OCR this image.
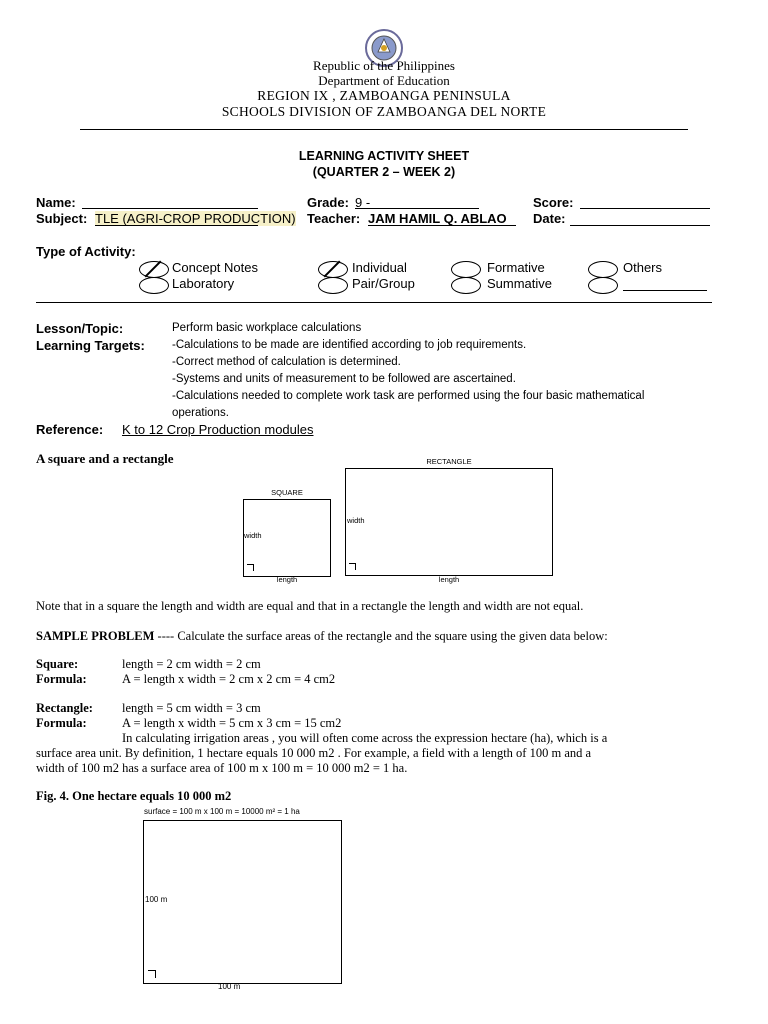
Republic of the Philippines
Department of Education
REGION IX , ZAMBOANGA PENINSULA
SCHOOLS DIVISION OF ZAMBOANGA DEL NORTE
LEARNING ACTIVITY SHEET
(QUARTER 2 – WEEK 2)
Name:	Grade: 9 -	Score:
Subject: TLE (AGRI-CROP PRODUCTION) Teacher: JAM HAMIL Q. ABLAO Date:
Type of Activity:
Concept Notes
Laboratory
Individual
Pair/Group
Formative
Summative
Others
Lesson/Topic:	Perform basic workplace calculations
Learning Targets: -Calculations to be made are identified according to job requirements.
-Correct method of calculation is determined.
-Systems and units of measurement to be followed are ascertained.
-Calculations needed to complete work task are performed using the four basic mathematical
operations.
Reference: K to 12 Crop Production modules
A square and a rectangle
SQUARE
width
length
RECTANGLE
width
length
Note that in a square the length and width are equal and that in a rectangle the length and width are not equal.
SAMPLE PROBLEM ---- Calculate the surface areas of the rectangle and the square using the given data below:
Square:	length = 2 cm width = 2 cm
Formula:	A = length x width = 2 cm x 2 cm = 4 cm2
Rectangle: length = 5 cm width = 3 cm
Formula:	A = length x width = 5 cm x 3 cm = 15 cm2
In calculating irrigation areas , you will often come across the expression hectare (ha), which is a
surface area unit. By definition, 1 hectare equals 10 000 m2 . For example, a field with a length of 100 m and a
width of 100 m2 has a surface area of 100 m x 100 m = 10 000 m2 = 1 ha.
Fig. 4. One hectare equals 10 000 m2
surface = 100 m x 100 m = 10000 m² = 1 ha
100 m
100 m
